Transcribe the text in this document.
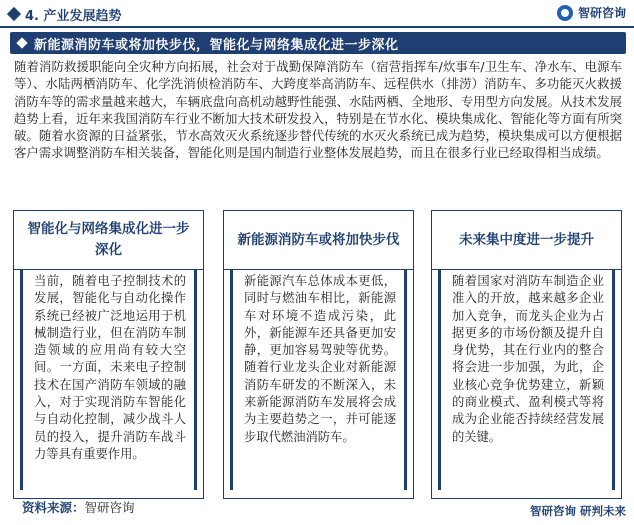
4. 产业发展趋势	智研咨询
新能源消防车或将加快步伐，智能化与网络集成化进一步深化

随着消防救援职能向全灾种方向拓展，社会对于战勤保障消防车（宿营指挥车/炊事车/卫生车、净水车、电源车等）、水陆两栖消防车、化学洗消侦检消防车、大跨度举高消防车、远程供水（排涝）消防车、多功能灭火救援消防车等的需求量越来越大，车辆底盘向高机动越野性能强、水陆两栖、全地形、专用型方向发展。从技术发展趋势上看，近年来我国消防车行业不断加大技术研发投入，特别是在节水化、模块集成化、智能化等方面有所突破。随着水资源的日益紧张，节水高效灭火系统逐步替代传统的水灭火系统已成为趋势，模块集成可以方便根据客户需求调整消防车相关装备，智能化则是国内制造行业整体发展趋势，而且在很多行业已经取得相当成绩。

当前，随着电子控制技术的发展，智能化与自动化操作系统已经被广泛地运用于机械制造行业，但在消防车制造领域的应用尚有较大空间。一方面，未来电子控制技术在国产消防车领域的融入，对于实现消防车智能化与自动化控制，减少战斗人员的投入，提升消防车战斗力等具有重要作用。

智能化与网络集成化进一步深化

新能源汽车总体成本更低，同时与燃油车相比，新能源车对环境不造成污染，此外，新能源车还具备更加安静，更加容易驾驶等优势。随着行业龙头企业对新能源消防车研发的不断深入，未来新能源消防车发展将会成为主要趋势之一，并可能逐步取代燃油消防车。

新能源消防车或将加快步伐

随着国家对消防车制造企业准入的开放，越来越多企业加入竞争，而龙头企业为占据更多的市场份额及提升自身优势，其在行业内的整合将会进一步加强，为此，企业核心竞争优势建立，新颖的商业模式、盈利模式等将成为企业能否持续经营发展的关键。

未来集中度进一步提升
资料来源：智研咨询	智研咨询 研判未来
